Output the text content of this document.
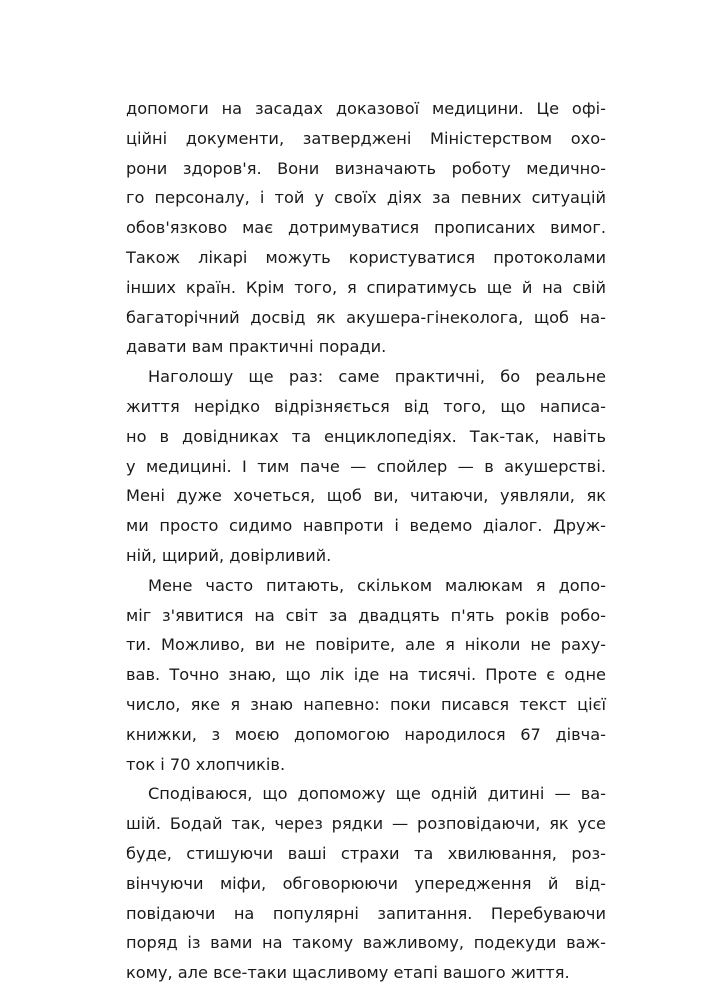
допомоги на засадах доказової медицини. Це офі-
ційні документи, затверджені Міністерством охо-
рони здоров'я. Вони визначають роботу медично-
го персоналу, і той у своїх діях за певних ситуацій
обов'язково має дотримуватися прописаних вимог.
Також лікарі можуть користуватися протоколами
інших країн. Крім того, я спиратимусь ще й на свій
багаторічний досвід як акушера-гінеколога, щоб на-
давати вам практичні поради.
Наголошу ще раз: саме практичні, бо реальне
життя нерідко відрізняється від того, що написа-
но в довідниках та енциклопедіях. Так-так, навіть
у медицині. І тим паче — спойлер — в акушерстві.
Мені дуже хочеться, щоб ви, читаючи, уявляли, як
ми просто сидимо навпроти і ведемо діалог. Друж-
ній, щирий, довірливий.
Мене часто питають, скільком малюкам я допо-
міг з'явитися на світ за двадцять п'ять років робо-
ти. Можливо, ви не повірите, але я ніколи не раху-
вав. Точно знаю, що лік іде на тисячі. Проте є одне
число, яке я знаю напевно: поки писався текст цієї
книжки, з моєю допомогою народилося 67 дівча-
ток і 70 хлопчиків.
Сподіваюся, що допоможу ще одній дитині — ва-
шій. Бодай так, через рядки — розповідаючи, як усе
буде, стишуючи ваші страхи та хвилювання, роз-
вінчуючи міфи, обговорюючи упередження й від-
повідаючи на популярні запитання. Перебуваючи
поряд із вами на такому важливому, подекуди важ-
кому, але все-таки щасливому етапі вашого життя.
